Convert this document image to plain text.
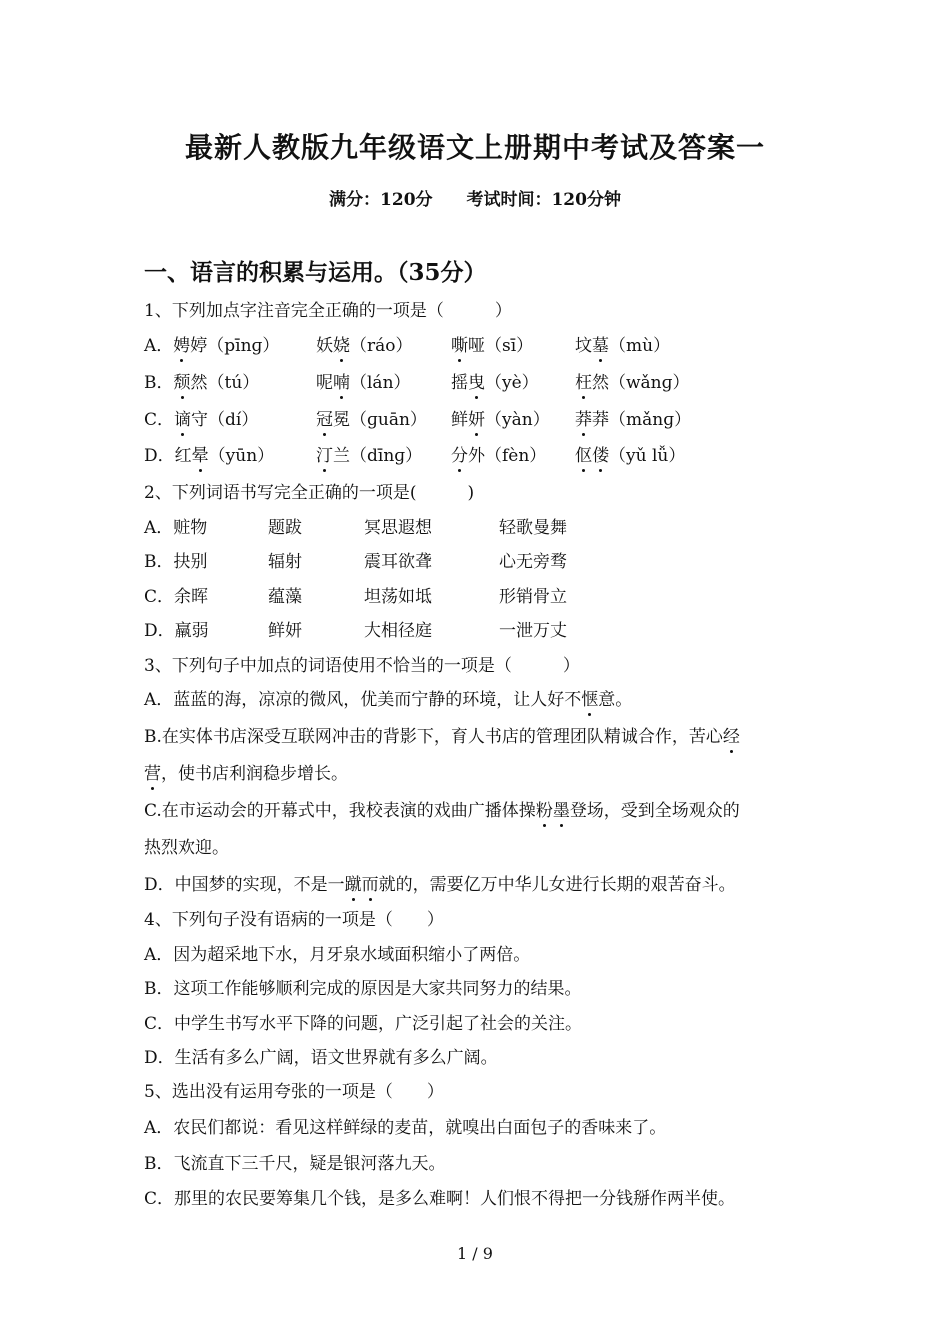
最新人教版九年级语文上册期中考试及答案一
满分：120分 考试时间：120分钟
一、语言的积累与运用。（35分）
1、下列加点字注音完全正确的一项是（　　　）
A．娉婷（pīnɡ） 妖娆（ráo） 嘶哑（sī） 坟墓（mù）
B．颓然（tú）	呢喃（lán） 摇曳（yè） 枉然（wǎnɡ）
C．谪守（dí）	冠冕（ɡuān） 鲜妍（yàn） 莽莽（mǎnɡ）
D．红晕（yūn） 汀兰（dīnɡ） 分外（fèn） 伛偻（yǔ lǚ）
2、下列词语书写完全正确的一项是(　　　)
A．赃物	题跋	冥思遐想	轻歌曼舞
B．抉别	辐射	震耳欲聋	心无旁骛
C．余晖	蕴藻	坦荡如坻	形销骨立
D．羸弱	鲜妍	大相径庭	一泄万丈
3、下列句子中加点的词语使用不恰当的一项是（　　　）
A．蓝蓝的海，凉凉的微风，优美而宁静的环境，让人好不惬意。
B.在实体书店深受互联网冲击的背影下，育人书店的管理团队精诚合作，苦心经
营，使书店利润稳步增长。
C.在市运动会的开幕式中，我校表演的戏曲广播体操粉墨登场，受到全场观众的
热烈欢迎。
D．中国梦的实现，不是一蹴而就的，需要亿万中华儿女进行长期的艰苦奋斗。
4、下列句子没有语病的一项是（　　）
A．因为超采地下水，月牙泉水域面积缩小了两倍。
B．这项工作能够顺利完成的原因是大家共同努力的结果。
C．中学生书写水平下降的问题，广泛引起了社会的关注。
D．生活有多么广阔，语文世界就有多么广阔。
5、选出没有运用夸张的一项是（　　）
A．农民们都说：看见这样鲜绿的麦苗，就嗅出白面包子的香味来了。
B．飞流直下三千尺，疑是银河落九天。
C．那里的农民要筹集几个钱，是多么难啊！人们恨不得把一分钱掰作两半使。
1 / 9
